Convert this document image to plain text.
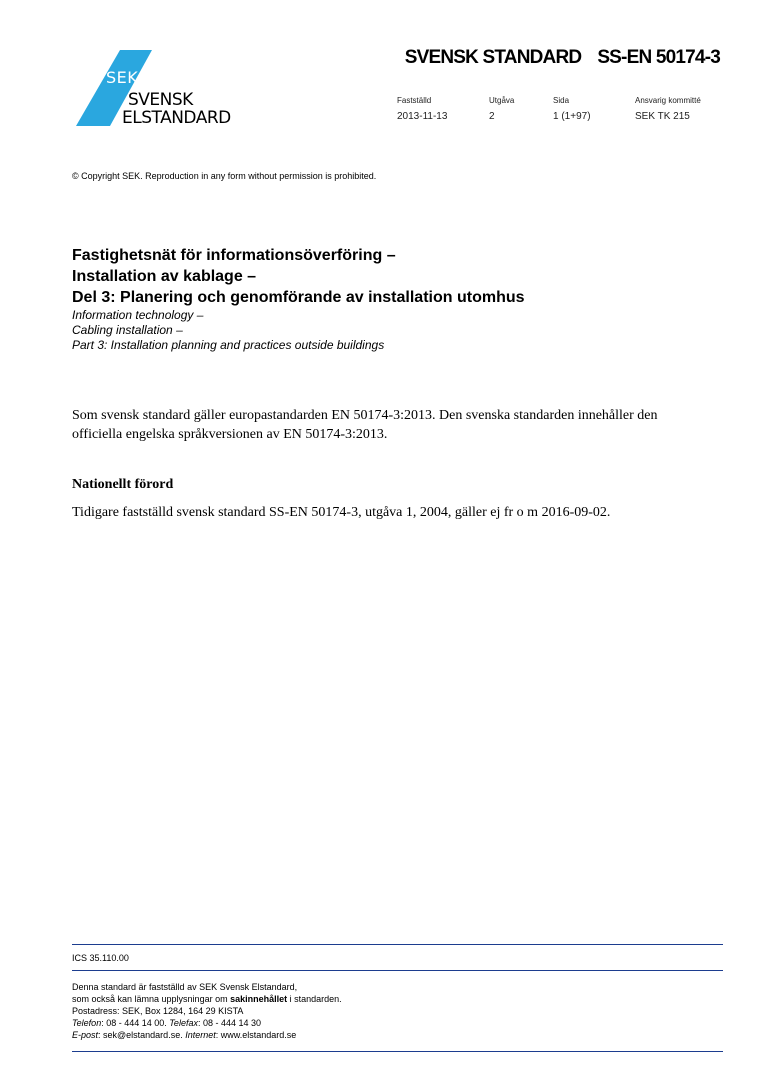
SEK
SVENSK
ELSTANDARD
SVENSK STANDARD SS-EN 50174-3
Fastställd
2013-11-13
Utgåva
2
Sida
1 (1+97)
Ansvarig kommitté
SEK TK 215
© Copyright SEK. Reproduction in any form without permission is prohibited.
Fastighetsnät för informationsöverföring –
Installation av kablage –
Del 3: Planering och genomförande av installation utomhus
Information technology –
Cabling installation –
Part 3: Installation planning and practices outside buildings
Som svensk standard gäller europastandarden EN 50174-3:2013. Den svenska standarden innehåller den
officiella engelska språkversionen av EN 50174-3:2013.
Nationellt förord
Tidigare fastställd svensk standard SS-EN 50174-3, utgåva 1, 2004, gäller ej fr o m 2016-09-02.
ICS 35.110.00
Denna standard är fastställd av SEK Svensk Elstandard,
som också kan lämna upplysningar om sakinnehållet i standarden.
Postadress: SEK, Box 1284, 164 29 KISTA
Telefon: 08 - 444 14 00. Telefax: 08 - 444 14 30
E-post: sek@elstandard.se. Internet: www.elstandard.se
